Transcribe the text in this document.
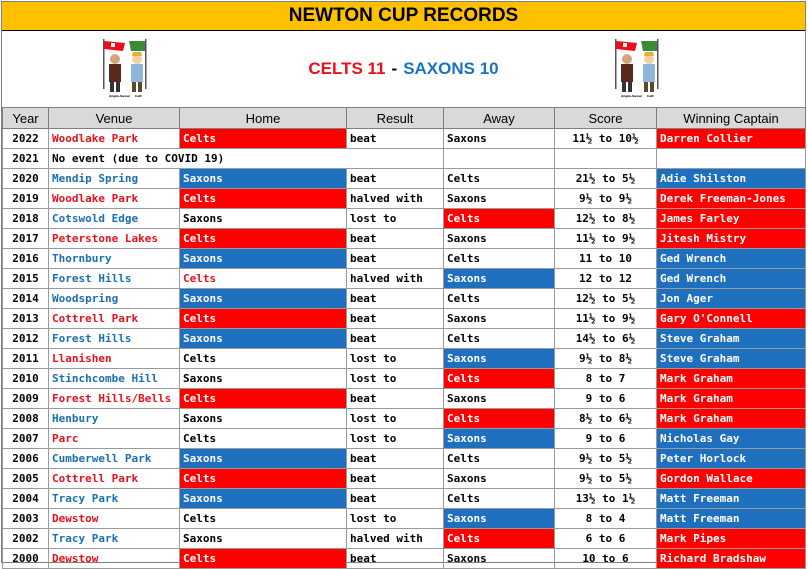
NEWTON CUP RECORDS
Anglo-Saxon Celt
CELTS 11 - SAXONS 10
Anglo-Saxon Celt
Year	Venue	Home	Result	Away	Score	Winning Captain
2022	Woodlake Park	Celts	beat	Saxons	11½ to 10½	Darren Collier
2021	No event (due to COVID 19)					
2020	Mendip Spring	Saxons	beat	Celts	21½ to 5½	Adie Shilston
2019	Woodlake Park	Celts	halved with	Saxons	9½ to 9½	Derek Freeman-Jones
2018	Cotswold Edge	Saxons	lost to	Celts	12½ to 8½	James Farley
2017	Peterstone Lakes	Celts	beat	Saxons	11½ to 9½	Jitesh Mistry
2016	Thornbury	Saxons	beat	Celts	11 to 10	Ged Wrench
2015	Forest Hills	Celts	halved with	Saxons	12 to 12	Ged Wrench
2014	Woodspring	Saxons	beat	Celts	12½ to 5½	Jon Ager
2013	Cottrell Park	Celts	beat	Saxons	11½ to 9½	Gary O'Connell
2012	Forest Hills	Saxons	beat	Celts	14½ to 6½	Steve Graham
2011	Llanishen	Celts	lost to	Saxons	9½ to 8½	Steve Graham
2010	Stinchcombe Hill	Saxons	lost to	Celts	8 to 7	Mark Graham
2009	Forest Hills/Bells	Celts	beat	Saxons	9 to 6	Mark Graham
2008	Henbury	Saxons	lost to	Celts	8½ to 6½	Mark Graham
2007	Parc	Celts	lost to	Saxons	9 to 6	Nicholas Gay
2006	Cumberwell Park	Saxons	beat	Celts	9½ to 5½	Peter Horlock
2005	Cottrell Park	Celts	beat	Saxons	9½ to 5½	Gordon Wallace
2004	Tracy Park	Saxons	beat	Celts	13½ to 1½	Matt Freeman
2003	Dewstow	Celts	lost to	Saxons	8 to 4	Matt Freeman
2002	Tracy Park	Saxons	halved with	Celts	6 to 6	Mark Pipes
2000	Dewstow	Celts	beat	Saxons	10 to 6	Richard Bradshaw
